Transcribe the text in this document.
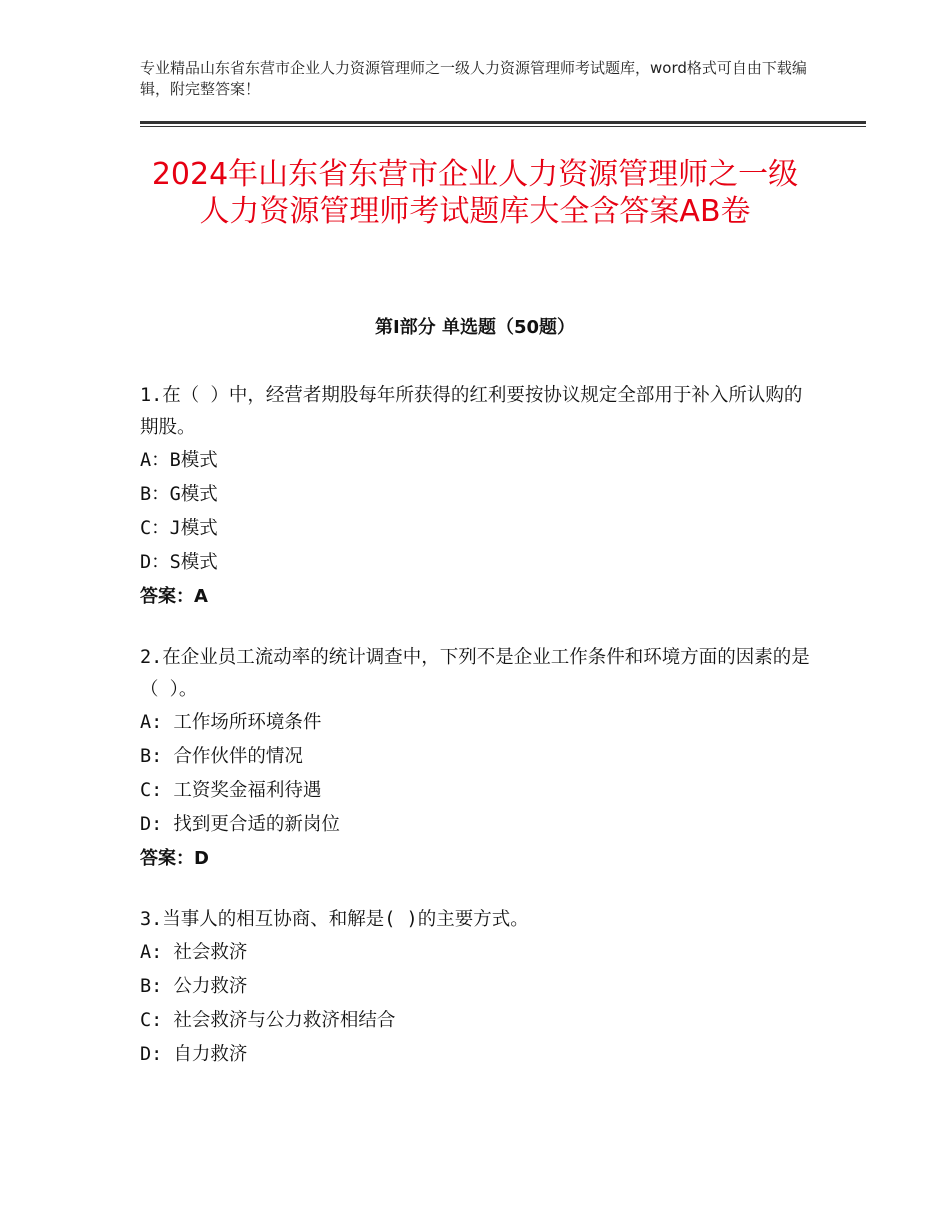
专业精品山东省东营市企业人力资源管理师之一级人力资源管理师考试题库，word格式可自由下载编辑，附完整答案！
2024年山东省东营市企业人力资源管理师之一级人力资源管理师考试题库大全含答案AB卷
第Ⅰ部分 单选题（50题）

1.在（ ）中，经营者期股每年所获得的红利要按协议规定全部用于补入所认购的期股。

A：B模式

B：G模式

C：J模式

D：S模式

答案：A

2.在企业员工流动率的统计调查中，下列不是企业工作条件和环境方面的因素的是（ ）。

A: 工作场所环境条件

B: 合作伙伴的情况

C: 工资奖金福利待遇

D: 找到更合适的新岗位

答案：D

3.当事人的相互协商、和解是( )的主要方式。

A: 社会救济

B: 公力救济

C: 社会救济与公力救济相结合

D: 自力救济
